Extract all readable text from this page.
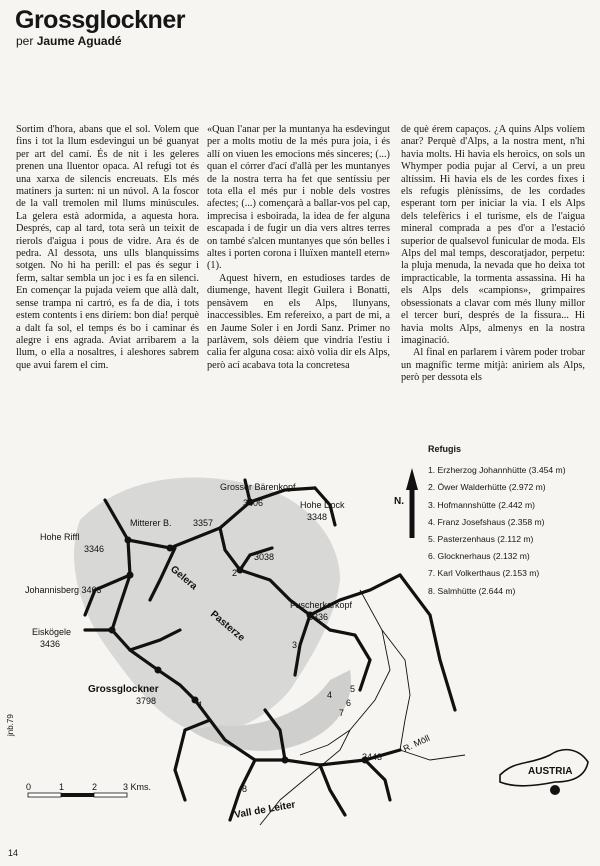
Grossglockner
per Jaume Aguadé

Sortim d'hora, abans que el sol. Volem que fins i tot la llum esdevingui un bé guanyat per art del camí. És de nit i les geleres prenen una lluentor opaca. Al refugi tot és una xarxa de silencis encreuats. Els més matiners ja surten: ni un núvol. A la foscor de la vall tremolen mil llums minúscules. La gelera està adormida, a aquesta hora. Després, cap al tard, tota serà un teixit de rierols d'aigua i pous de vidre. Ara és de pedra. Al dessota, uns ulls blanquissims sotgen. No hi ha perill: el pas és segur i ferm, saltar sembla un joc i es fa en silenci. En començar la pujada veiem que allà dalt, sense trampa ni cartró, es fa de dia, i tots estem contents i ens diríem: bon dia! perquè a dalt fa sol, el temps és bo i caminar és alegre i ens agrada. Aviat arribarem a la llum, o ella a nosaltres, i aleshores sabrem que avui farem el cim.

«Quan l'anar per la muntanya ha esdevingut per a molts motiu de la més pura joia, i és allí on viuen les emocions més sinceres; (...) quan el córrer d'ací d'allà per les muntanyes de la nostra terra ha fet que sentíssiu per tota ella el més pur i noble dels vostres afectes; (...) començarà a ballar-vos pel cap, imprecisa i esboirada, la idea de fer alguna escapada i de fugir un dia vers altres terres on també s'alcen muntanyes que són belles i altes i porten corona i lluïxen mantell etern» (1).

Aquest hivern, en estudioses tardes de diumenge, havent llegit Guilera i Bonatti, pensàvem en els Alps, llunyans, inaccessibles. Em refereixo, a part de mi, a en Jaume Soler i en Jordi Sanz. Primer no parlàvem, sols dèiem que vindria l'estiu i calia fer alguna cosa: això volia dir els Alps, però ací acabava tota la concretesa

de què érem capaços. ¿A quins Alps volíem anar? Perquè d'Alps, a la nostra ment, n'hi havia molts. Hi havia els heroics, on sols un Whymper podia pujar al Cerví, a un preu altíssim. Hi havia els de les cordes fixes i els refugis plèníssims, de les cordades esperant torn per iniciar la via. I els Alps dels telefèrics i el turisme, els de l'aigua mineral comprada a pes d'or a l'estació superior de qualsevol funicular de moda. Els Alps del mal temps, descoratjador, perpetu: la pluja menuda, la nevada que ho deixa tot impracticable, la tormenta assassina. Hi ha els Alps dels «campions», grimpaires obsessionats a clavar com més lluny millor el tercer burí, després de la fissura... Hi havia molts Alps, almenys en la nostra imaginació.

Al final en parlarem i vàrem poder trobar un magnífic terme mitjà: anìriem als Alps, però per dessota els

Grosser Bärenkopf
Mitterer B. 3357
3406	Hohe Dock
3348
Hohe Riffl
3346
3038
Johannisberg 3463
Fuscherkarkopf
3336
Eiskögele
3436
Grossglockner
3798
2443
Gelera
Pasterze
R. Möll
Vall de Leiter
1
2
3
4
5
6
7
8
N.
AUSTRIA
0	1	2	3 Kms.
jnb.79
Refugis
1. Erzherzog Johannhütte (3.454 m)
2. Öwer Walderhütte (2.972 m)
3. Hofmannshütte (2.442 m)
4. Franz Josefshaus (2.358 m)
5. Pasterzenhaus (2.112 m)
6. Glocknerhaus (2.132 m)
7. Karl Volkerthaus (2.153 m)
8. Salmhütte (2.644 m)
14
